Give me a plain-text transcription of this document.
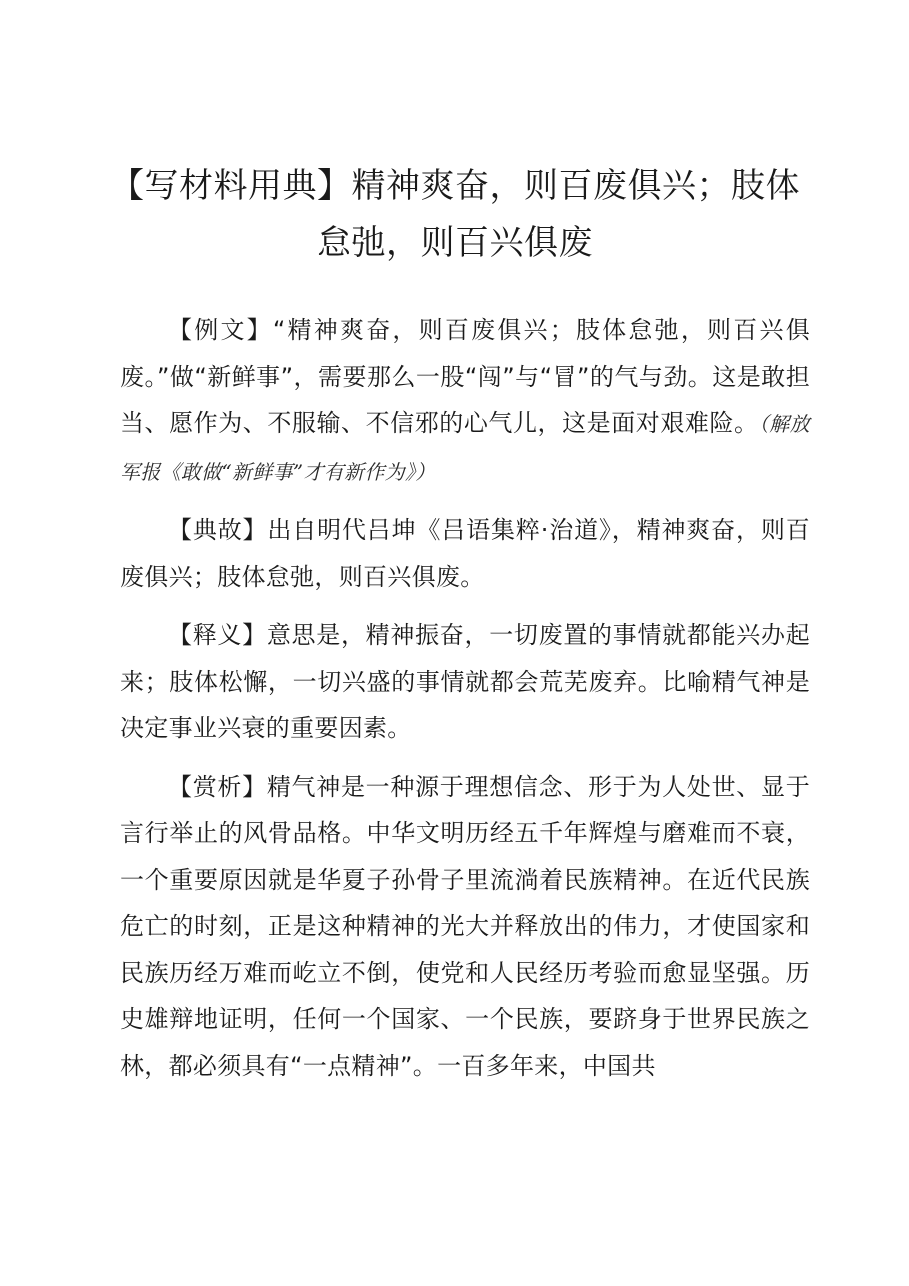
【写材料用典】精神爽奋，则百废俱兴；肢体怠弛，则百兴俱废

【例文】“精神爽奋，则百废俱兴；肢体怠弛，则百兴俱废。”做“新鲜事”，需要那么一股“闯”与“冒”的气与劲。这是敢担当、愿作为、不服输、不信邪的心气儿，这是面对艰难险。（解放军报《敢做“新鲜事”才有新作为》）

【典故】出自明代吕坤《吕语集粹·治道》，精神爽奋，则百废俱兴；肢体怠弛，则百兴俱废。

【释义】意思是，精神振奋，一切废置的事情就都能兴办起来；肢体松懈，一切兴盛的事情就都会荒芜废弃。比喻精气神是决定事业兴衰的重要因素。

【赏析】精气神是一种源于理想信念、形于为人处世、显于言行举止的风骨品格。中华文明历经五千年辉煌与磨难而不衰，一个重要原因就是华夏子孙骨子里流淌着民族精神。在近代民族危亡的时刻，正是这种精神的光大并释放出的伟力，才使国家和民族历经万难而屹立不倒，使党和人民经历考验而愈显坚强。历史雄辩地证明，任何一个国家、一个民族，要跻身于世界民族之林，都必须具有“一点精神”。一百多年来，中国共
